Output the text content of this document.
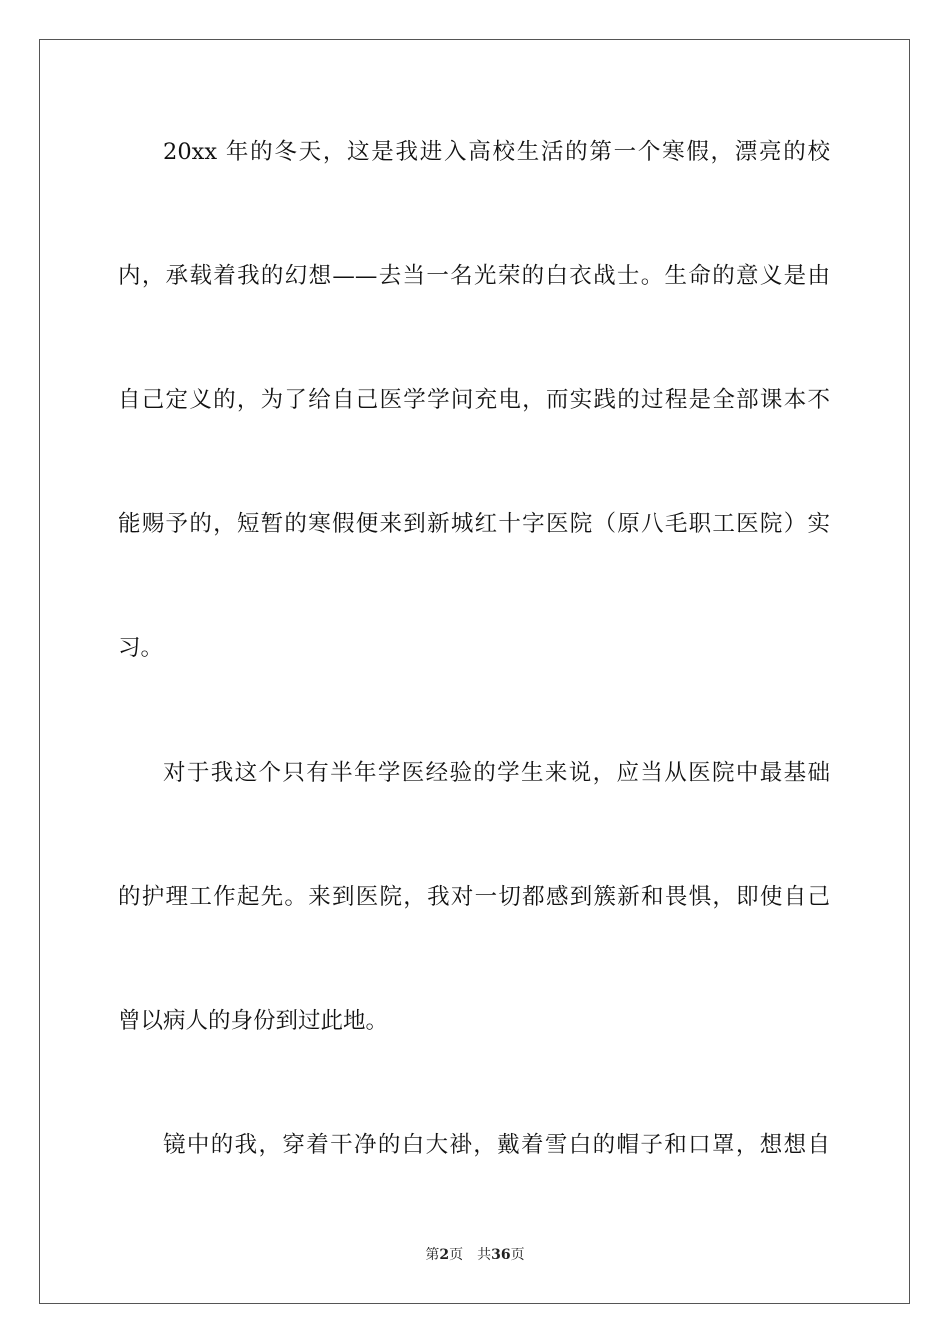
20xx 年的冬天，这是我进入高校生活的第一个寒假，漂亮的校
内，承载着我的幻想——去当一名光荣的白衣战士。生命的意义是由
自己定义的，为了给自己医学学问充电，而实践的过程是全部课本不
能赐予的，短暂的寒假便来到新城红十字医院（原八毛职工医院）实
习。
对于我这个只有半年学医经验的学生来说，应当从医院中最基础
的护理工作起先。来到医院，我对一切都感到簇新和畏惧，即使自己
曾以病人的身份到过此地。
镜中的我，穿着干净的白大褂，戴着雪白的帽子和口罩，想想自
第2页 共36页
